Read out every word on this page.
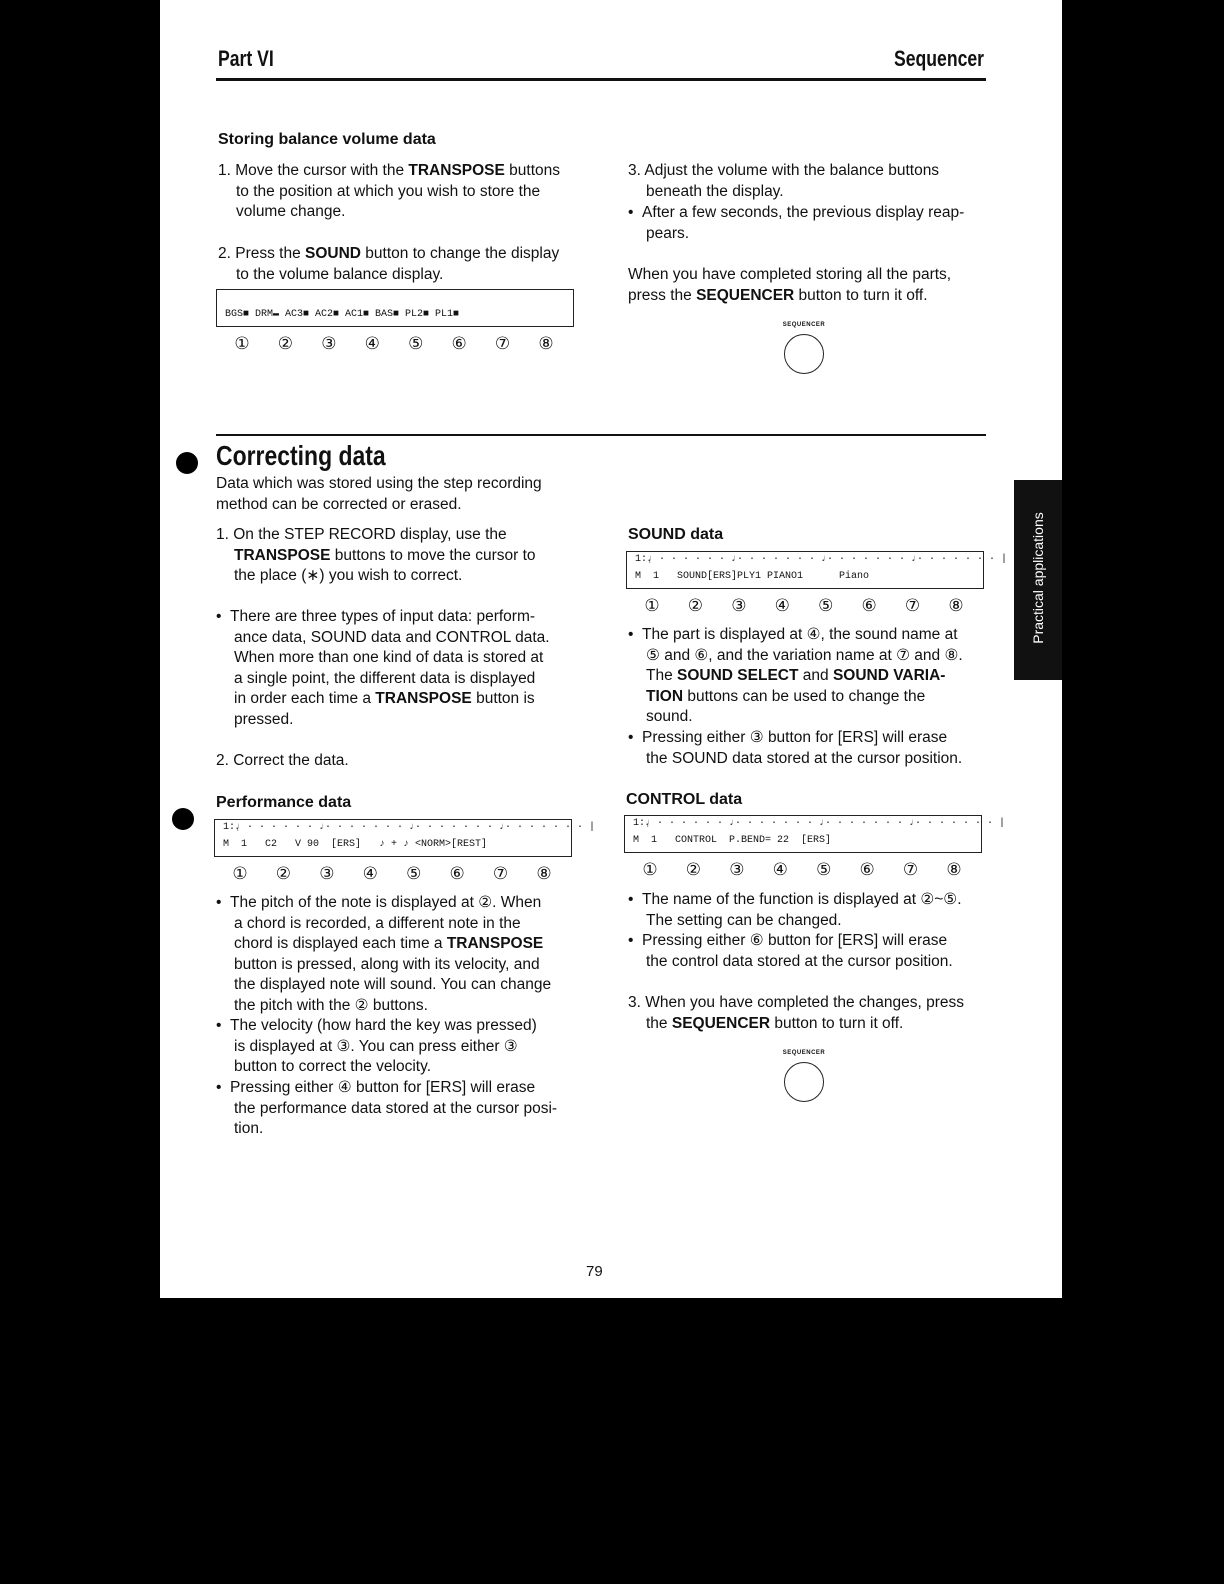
Part VI	Sequencer
Storing balance volume data
1. Move the cursor with the TRANSPOSE buttons
to the position at which you wish to store the
volume change.
2. Press the SOUND button to change the display
to the volume balance display.
BGS■ DRM▬ AC3■ AC2■ AC1■ BAS■ PL2■ PL1■
①	②	③	④	⑤	⑥	⑦	⑧
3. Adjust the volume with the balance buttons
beneath the display.
•  After a few seconds, the previous display reap-
pears.
When you have completed storing all the parts,
press the SEQUENCER button to turn it off.
SEQUENCER
Correcting data
Data which was stored using the step recording
method can be corrected or erased.
1. On the STEP RECORD display, use the
TRANSPOSE buttons to move the cursor to
the place (∗) you wish to correct.
•  There are three types of input data: perform-
ance data, SOUND data and CONTROL data.
When more than one kind of data is stored at
a single point, the different data is displayed
in order each time a TRANSPOSE button is
pressed.
2. Correct the data.
Performance data
1:♩̣ · · · · · · ♩· · · · · · · ♩· · · · · · · ♩· · · · · · · |
M  1   C2   V 90  [ERS]   ♪ + ♪ <NORM>[REST]
①	②	③	④	⑤	⑥	⑦	⑧
•  The pitch of the note is displayed at ②. When
a chord is recorded, a different note in the
chord is displayed each time a TRANSPOSE
button is pressed, along with its velocity, and
the displayed note will sound. You can change
the pitch with the ② buttons.
•  The velocity (how hard the key was pressed)
is displayed at ③. You can press either ③
button to correct the velocity.
•  Pressing either ④ button for [ERS] will erase
the performance data stored at the cursor posi-
tion.
SOUND data
1:♩̣ · · · · · · ♩· · · · · · · ♩· · · · · · · ♩· · · · · · · |
M  1   SOUND[ERS]PLY1 PIANO1      Piano
①	②	③	④	⑤	⑥	⑦	⑧
•  The part is displayed at ④, the sound name at
⑤ and ⑥, and the variation name at ⑦ and ⑧.
The SOUND SELECT and SOUND VARIA-
TION buttons can be used to change the
sound.
•  Pressing either ③ button for [ERS] will erase
the SOUND data stored at the cursor position.
CONTROL data
1:♩̣ · · · · · · ♩· · · · · · · ♩· · · · · · · ♩· · · · · · · |
M  1   CONTROL  P.BEND= 22  [ERS]
①	②	③	④	⑤	⑥	⑦	⑧
•  The name of the function is displayed at ②~⑤.
The setting can be changed.
•  Pressing either ⑥ button for [ERS] will erase
the control data stored at the cursor position.
3. When you have completed the changes, press
the SEQUENCER button to turn it off.
SEQUENCER
Practical applications
79
